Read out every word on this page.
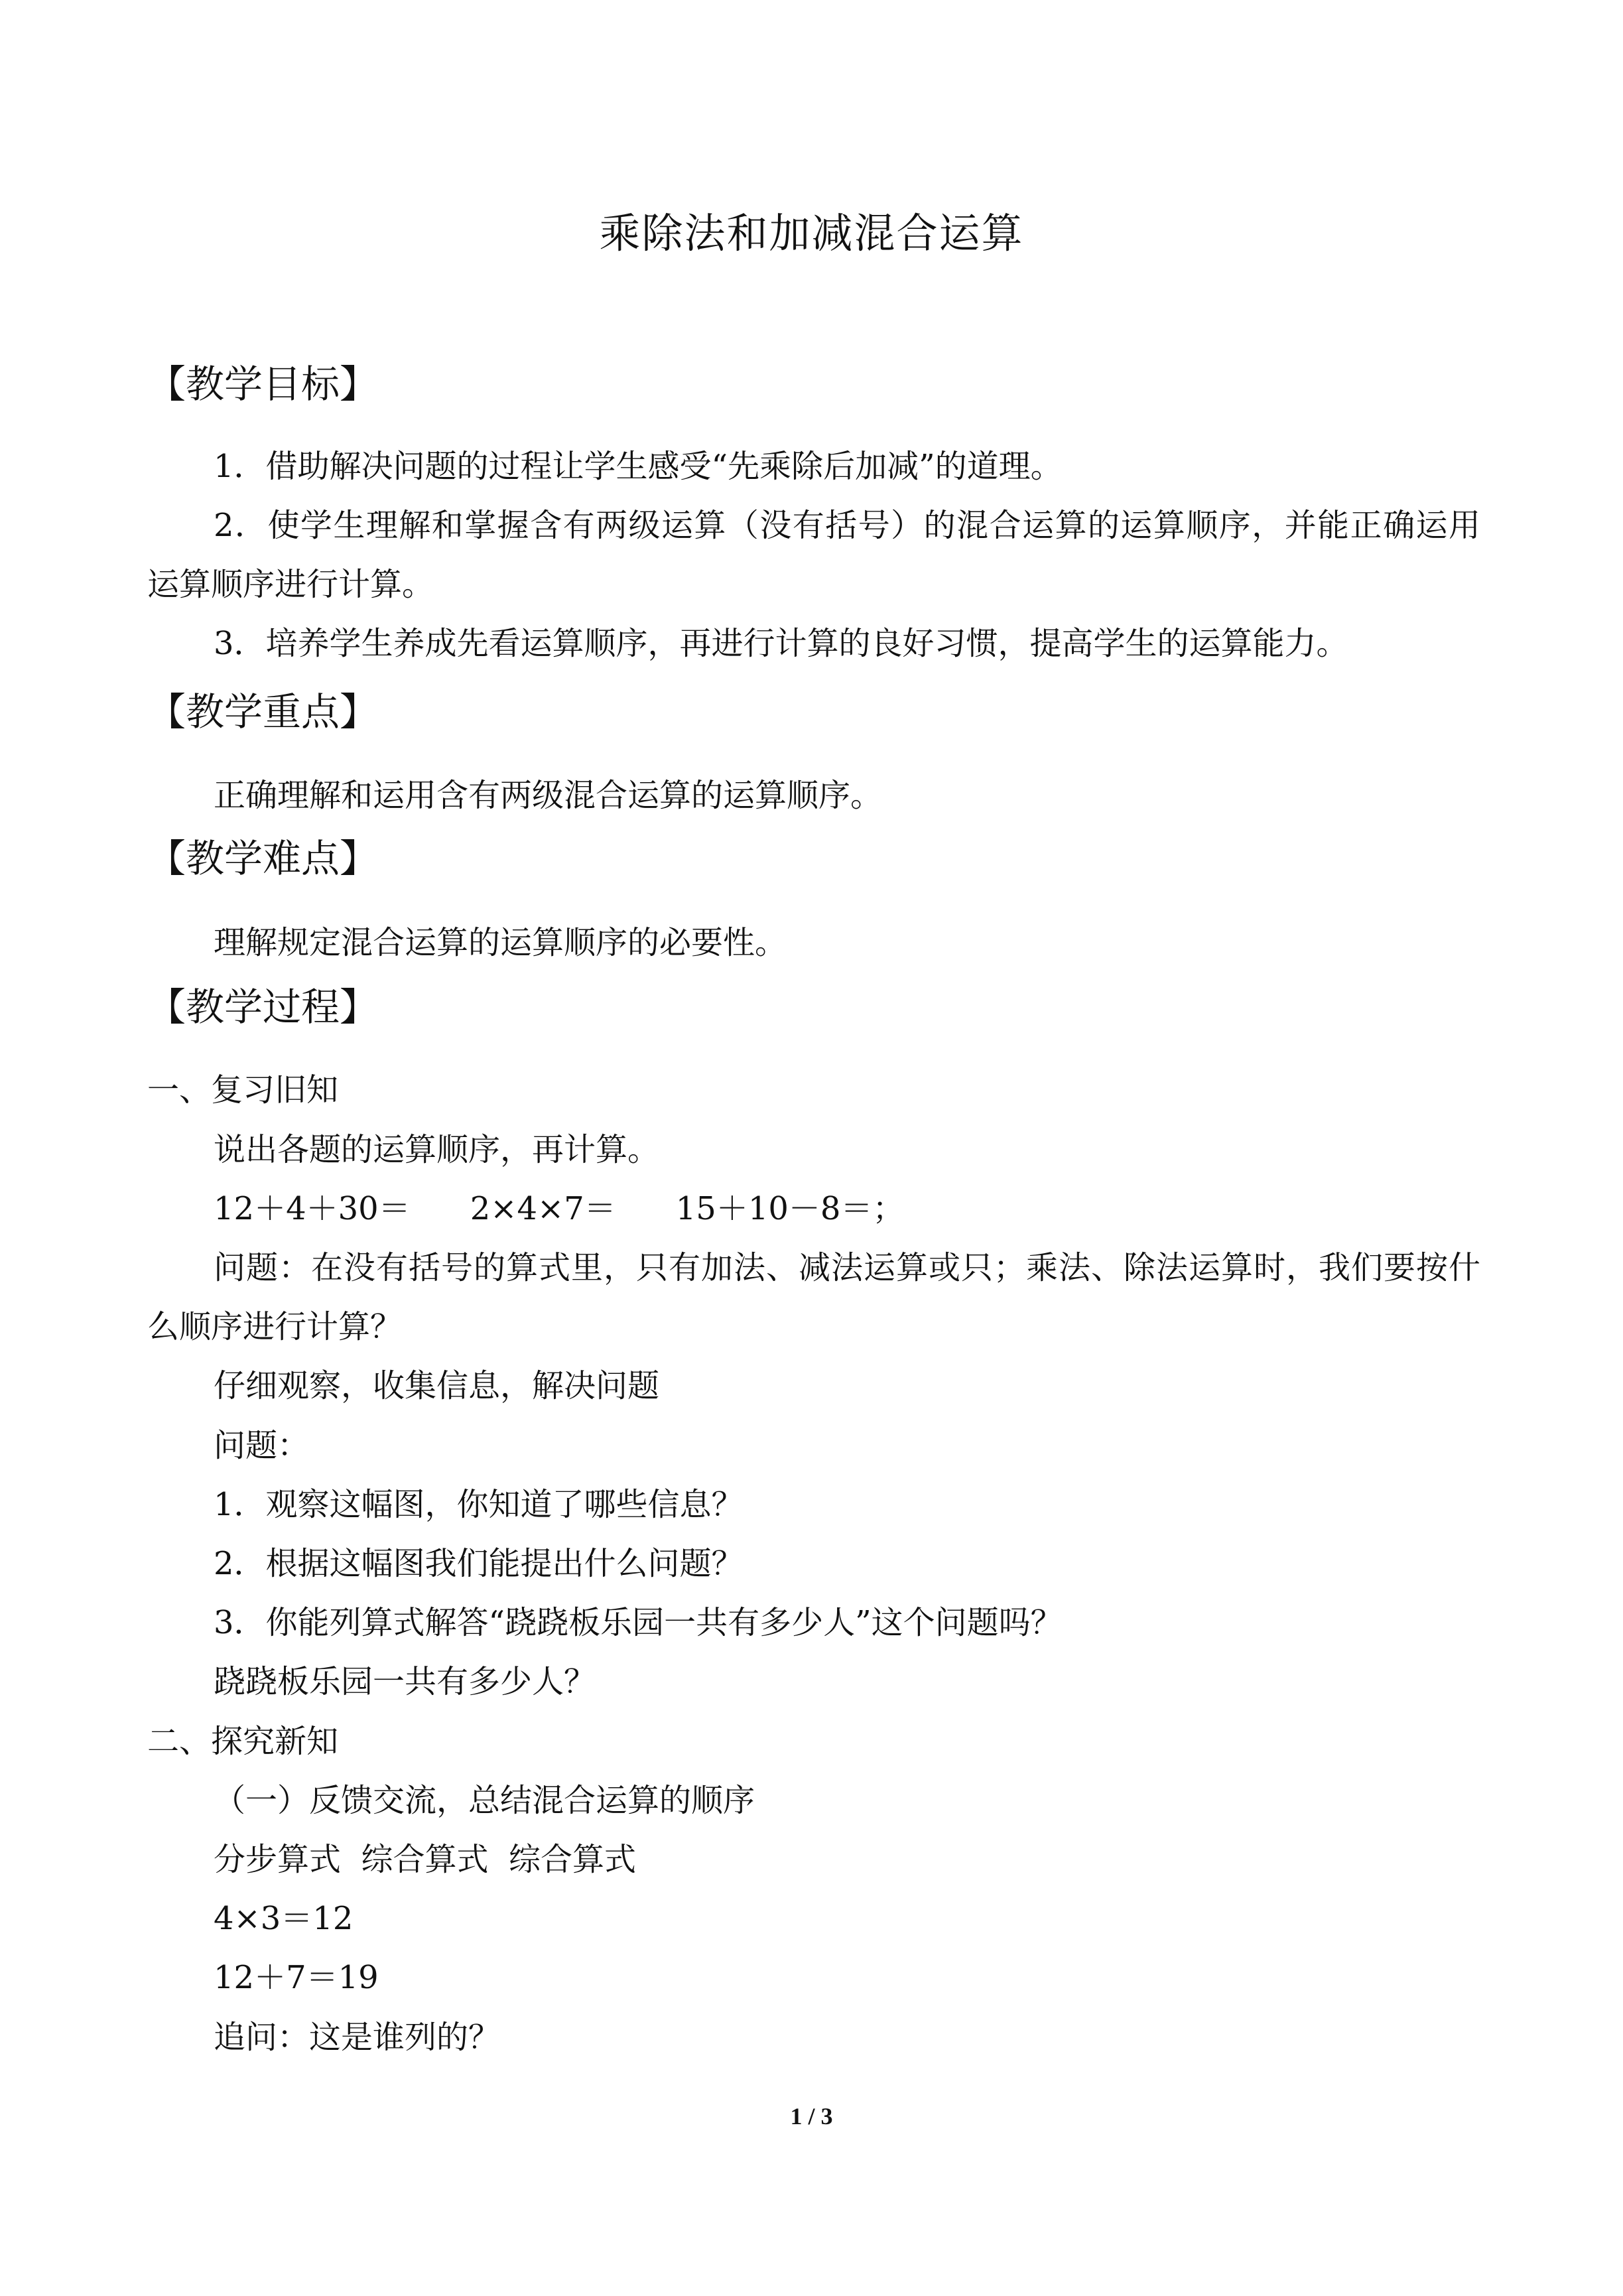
乘除法和加减混合运算
【教学目标】
1．借助解决问题的过程让学生感受“先乘除后加减”的道理。
2．使学生理解和掌握含有两级运算（没有括号）的混合运算的运算顺序，并能正确运用
运算顺序进行计算。
3．培养学生养成先看运算顺序，再进行计算的良好习惯，提高学生的运算能力。
【教学重点】
正确理解和运用含有两级混合运算的运算顺序。
【教学难点】
理解规定混合运算的运算顺序的必要性。
【教学过程】
一、复习旧知
说出各题的运算顺序，再计算。
12＋4＋30＝ 2×4×7＝ 15＋10－8＝；
问题：在没有括号的算式里，只有加法、减法运算或只；乘法、除法运算时，我们要按什
么顺序进行计算？
仔细观察，收集信息，解决问题
问题：
1．观察这幅图，你知道了哪些信息？
2．根据这幅图我们能提出什么问题？
3．你能列算式解答“跷跷板乐园一共有多少人”这个问题吗？
跷跷板乐园一共有多少人？
二、探究新知
（一）反馈交流，总结混合运算的顺序
分步算式  综合算式  综合算式
4×3＝12
12＋7＝19
追问：这是谁列的？
1 / 3
